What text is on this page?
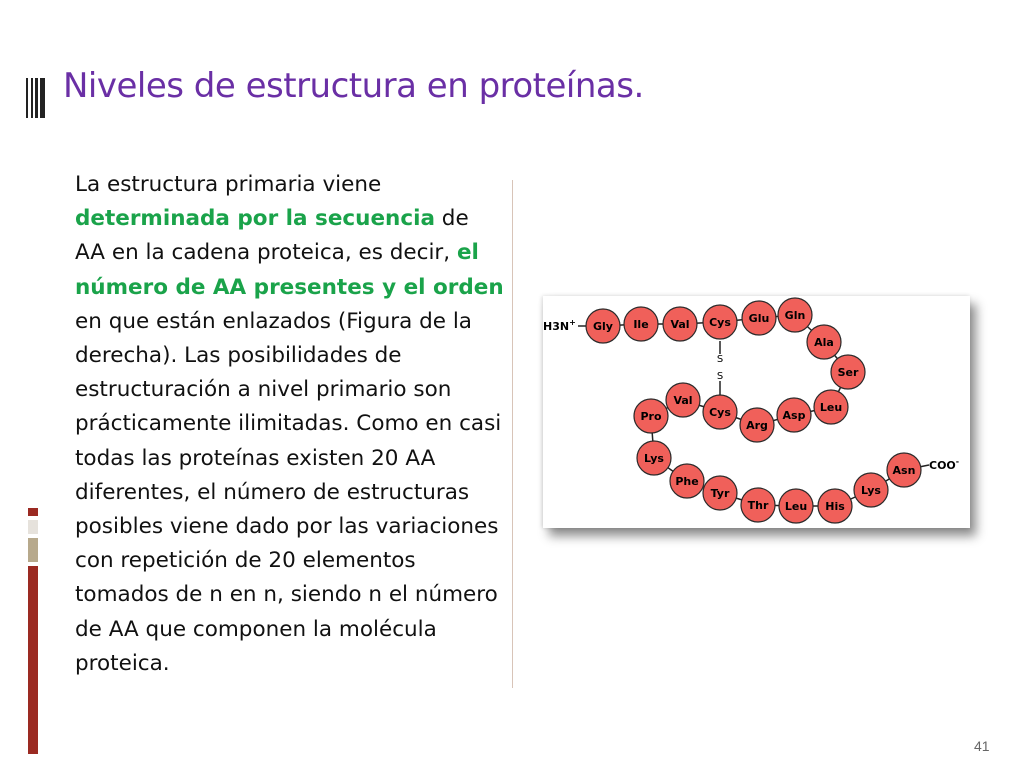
Niveles de estructura en proteínas.
La estructura primaria viene determinada por la secuencia de AA en la cadena proteica, es decir, el número de AA presentes y el orden en que están enlazados (Figura de la derecha). Las posibilidades de estructuración a nivel primario son prácticamente ilimitadas. Como en casi todas las proteínas existen 20 AA diferentes, el número de estructuras posibles viene dado por las variaciones con repetición de 20 elementos tomados de n en n, siendo n el número de AA que componen la molécula proteica.
S
S
H3N+
COO-
Gly Ile Val Cys Glu Gln
Ala
Ser
Leu
Asp
Arg
Cys
Val
Pro
Lys
Phe
Tyr
Thr Leu His
Lys
Asn
41
